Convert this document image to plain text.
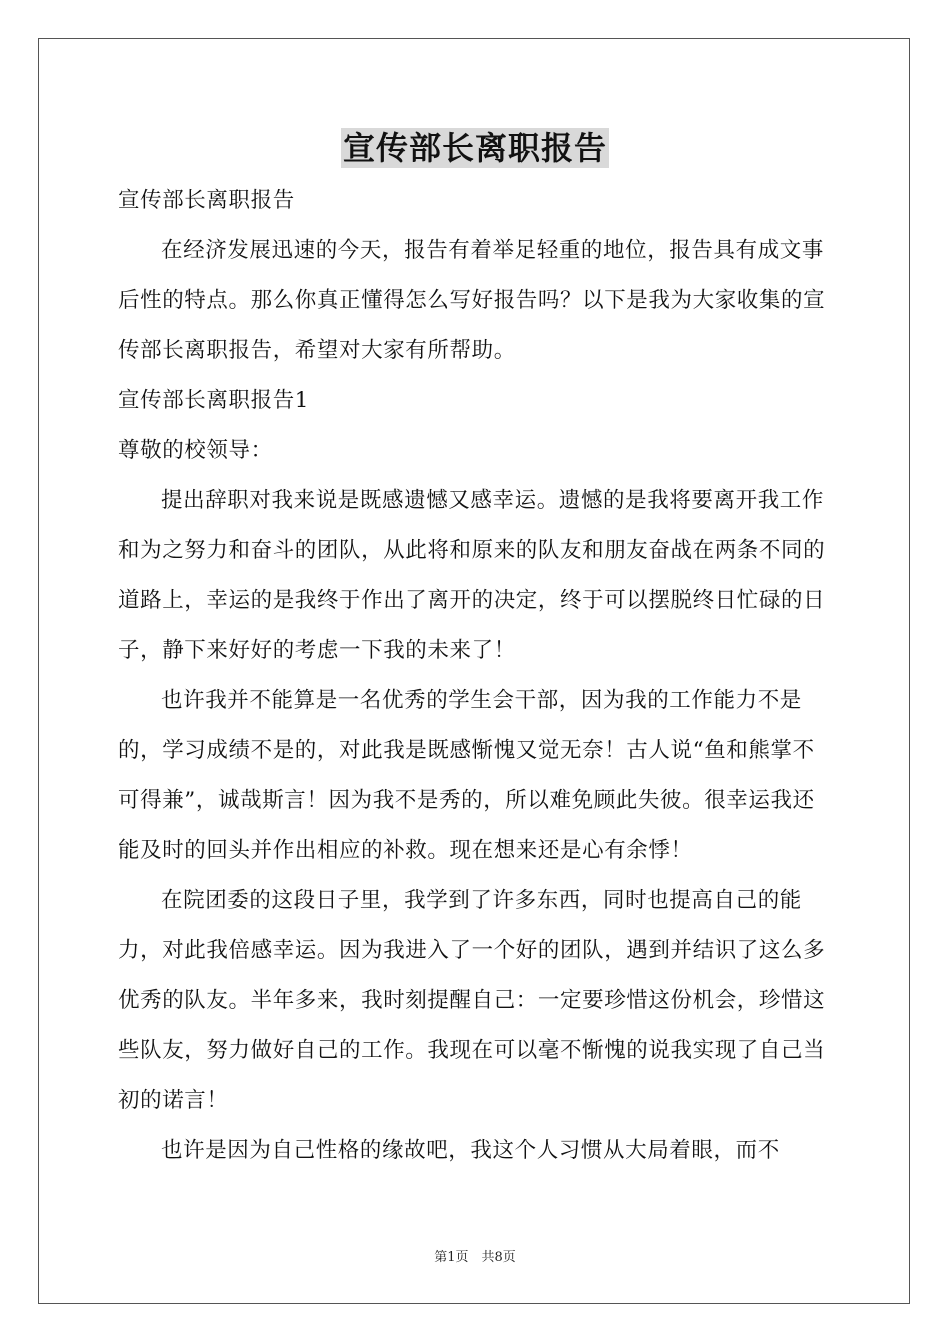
宣传部长离职报告

宣传部长离职报告

在经济发展迅速的今天，报告有着举足轻重的地位，报告具有成文事后性的特点。那么你真正懂得怎么写好报告吗？以下是我为大家收集的宣传部长离职报告，希望对大家有所帮助。

宣传部长离职报告1

尊敬的校领导：

提出辞职对我来说是既感遗憾又感幸运。遗憾的是我将要离开我工作和为之努力和奋斗的团队，从此将和原来的队友和朋友奋战在两条不同的道路上，幸运的是我终于作出了离开的决定，终于可以摆脱终日忙碌的日子，静下来好好的考虑一下我的未来了！

也许我并不能算是一名优秀的学生会干部，因为我的工作能力不是的，学习成绩不是的，对此我是既感惭愧又觉无奈！古人说“鱼和熊掌不可得兼”，诚哉斯言！因为我不是秀的，所以难免顾此失彼。很幸运我还能及时的回头并作出相应的补救。现在想来还是心有余悸！

在院团委的这段日子里，我学到了许多东西，同时也提高自己的能力，对此我倍感幸运。因为我进入了一个好的团队，遇到并结识了这么多优秀的队友。半年多来，我时刻提醒自己：一定要珍惜这份机会，珍惜这些队友，努力做好自己的工作。我现在可以毫不惭愧的说我实现了自己当初的诺言！

也许是因为自己性格的缘故吧，我这个人习惯从大局着眼，而不

第1页　共8页
